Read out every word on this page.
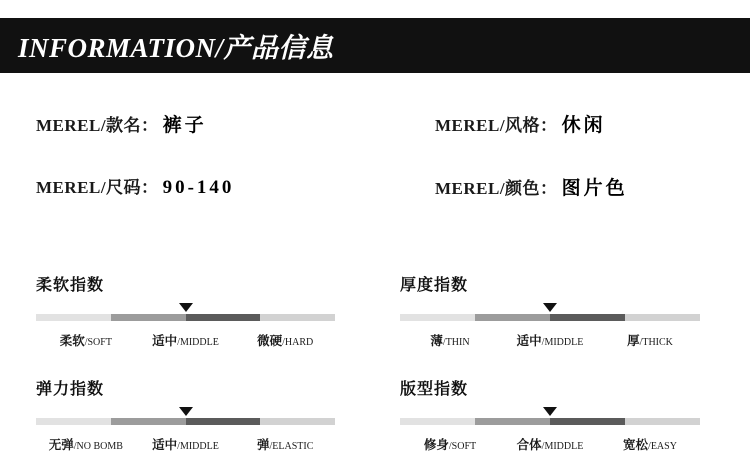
INFORMATION/产品信息
MEREL/款名： 裤子	MEREL/风格： 休闲
MEREL/尺码： 90-140	MEREL/颜色： 图片色
柔软指数
柔软/SOFT	适中/MIDDLE	微硬/HARD
厚度指数
薄/THIN	适中/MIDDLE	厚/THICK
弹力指数
无弹/NO BOMB	适中/MIDDLE	弹/ELASTIC
版型指数
修身/SOFT	合体/MIDDLE	宽松/EASY
